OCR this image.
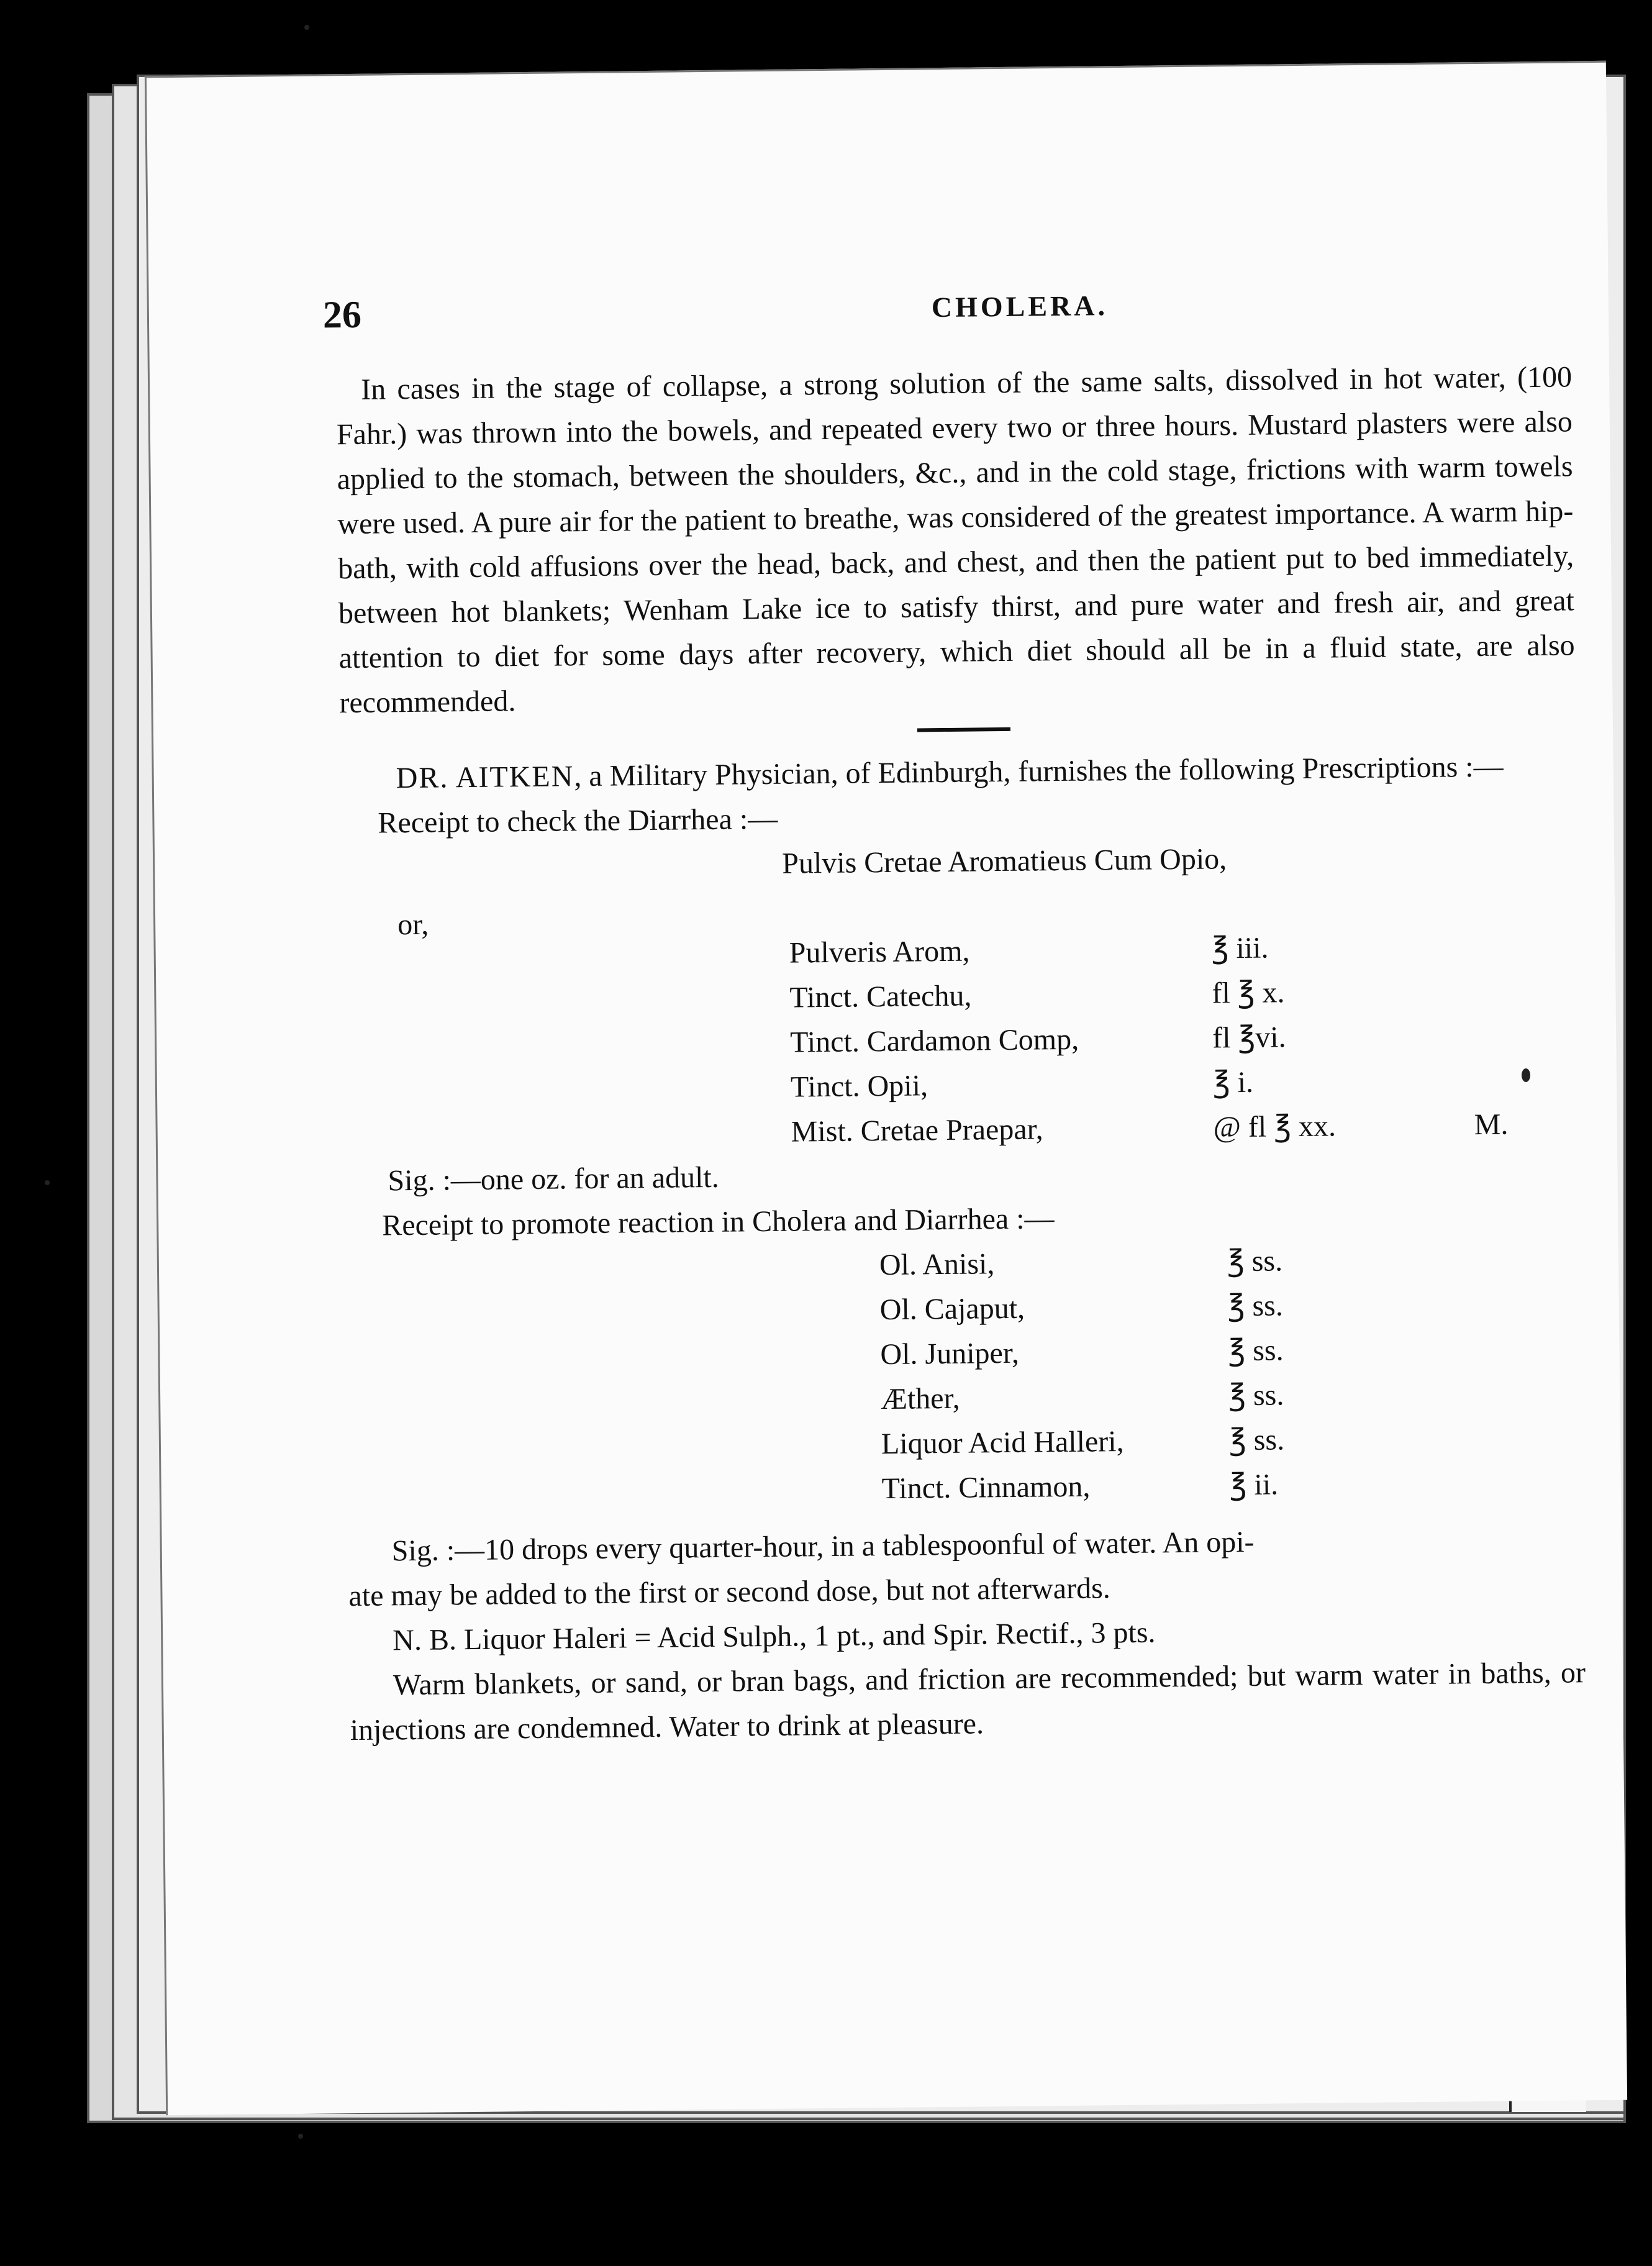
26	CHOLERA.

In cases in the stage of collapse, a strong solution of the same salts, dissolved in hot water, (100 Fahr.) was thrown into the bowels, and repeated every two or three hours. Mustard plasters were also applied to the stomach, between the shoulders, &c., and in the cold stage, frictions with warm towels were used. A pure air for the patient to breathe, was considered of the greatest importance. A warm hip-bath, with cold affusions over the head, back, and chest, and then the patient put to bed immediately, between hot blankets; Wenham Lake ice to satisfy thirst, and pure water and fresh air, and great attention to diet for some days after recovery, which diet should all be in a fluid state, are also recommended.

DR. AITKEN, a Military Physician, of Edinburgh, furnishes the following Prescriptions :—

Receipt to check the Diarrhea :—

Pulvis Cretae Aromatieus Cum Opio,

or,

Pulveris Arom,	℥ iii.	
Tinct. Catechu,	fl ℥ x.	
Tinct. Cardamon Comp,	fl ℥vi.	
Tinct. Opii,	℥ i.	
Mist. Cretae Praepar,	@ fl ℥ xx.	M.

Sig. :—one oz. for an adult.

Receipt to promote reaction in Cholera and Diarrhea :—

Ol. Anisi,	℥ ss.
Ol. Cajaput,	℥ ss.
Ol. Juniper,	℥ ss.
Æther,	℥ ss.
Liquor Acid Halleri,	℥ ss.
Tinct. Cinnamon,	℥ ii.

Sig. :—10 drops every quarter-hour, in a tablespoonful of water. An opi-

ate may be added to the first or second dose, but not afterwards.

N. B. Liquor Haleri = Acid Sulph., 1 pt., and Spir. Rectif., 3 pts.

Warm blankets, or sand, or bran bags, and friction are recommended; but warm water in baths, or injections are condemned. Water to drink at pleasure.
